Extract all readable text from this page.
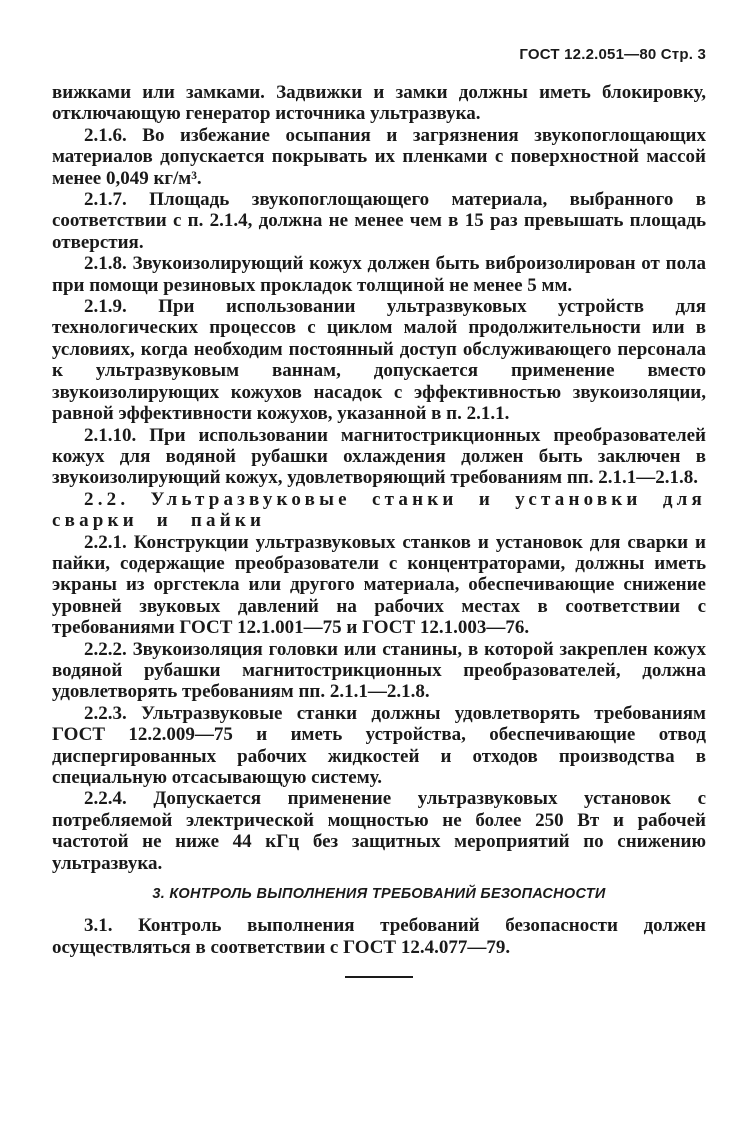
ГОСТ 12.2.051—80 Стр. 3

вижками или замками. Задвижки и замки должны иметь блокировку, отключающую генератор источника ультразвука.

2.1.6. Во избежание осыпания и загрязнения звукопоглощающих материалов допускается покрывать их пленками с поверхностной массой менее 0,049 кг/м³.

2.1.7. Площадь звукопоглощающего материала, выбранного в соответствии с п. 2.1.4, должна не менее чем в 15 раз превышать площадь отверстия.

2.1.8. Звукоизолирующий кожух должен быть виброизолирован от пола при помощи резиновых прокладок толщиной не менее 5 мм.

2.1.9. При использовании ультразвуковых устройств для технологических процессов с циклом малой продолжительности или в условиях, когда необходим постоянный доступ обслуживающего персонала к ультразвуковым ваннам, допускается применение вместо звукоизолирующих кожухов насадок с эффективностью звукоизоляции, равной эффективности кожухов, указанной в п. 2.1.1.

2.1.10. При использовании магнитострикционных преобразователей кожух для водяной рубашки охлаждения должен быть заключен в звукоизолирующий кожух, удовлетворяющий требованиям пп. 2.1.1—2.1.8.

2.2. Ультразвуковые станки и установки для сварки и пайки

2.2.1. Конструкции ультразвуковых станков и установок для сварки и пайки, содержащие преобразователи с концентраторами, должны иметь экраны из оргстекла или другого материала, обеспечивающие снижение уровней звуковых давлений на рабочих местах в соответствии с требованиями ГОСТ 12.1.001—75 и ГОСТ 12.1.003—76.

2.2.2. Звукоизоляция головки или станины, в которой закреплен кожух водяной рубашки магнитострикционных преобразователей, должна удовлетворять требованиям пп. 2.1.1—2.1.8.

2.2.3. Ультразвуковые станки должны удовлетворять требованиям ГОСТ 12.2.009—75 и иметь устройства, обеспечивающие отвод диспергированных рабочих жидкостей и отходов производства в специальную отсасывающую систему.

2.2.4. Допускается применение ультразвуковых установок с потребляемой электрической мощностью не более 250 Вт и рабочей частотой не ниже 44 кГц без защитных мероприятий по снижению ультразвука.

3. КОНТРОЛЬ ВЫПОЛНЕНИЯ ТРЕБОВАНИЙ БЕЗОПАСНОСТИ

3.1. Контроль выполнения требований безопасности должен осуществляться в соответствии с ГОСТ 12.4.077—79.
